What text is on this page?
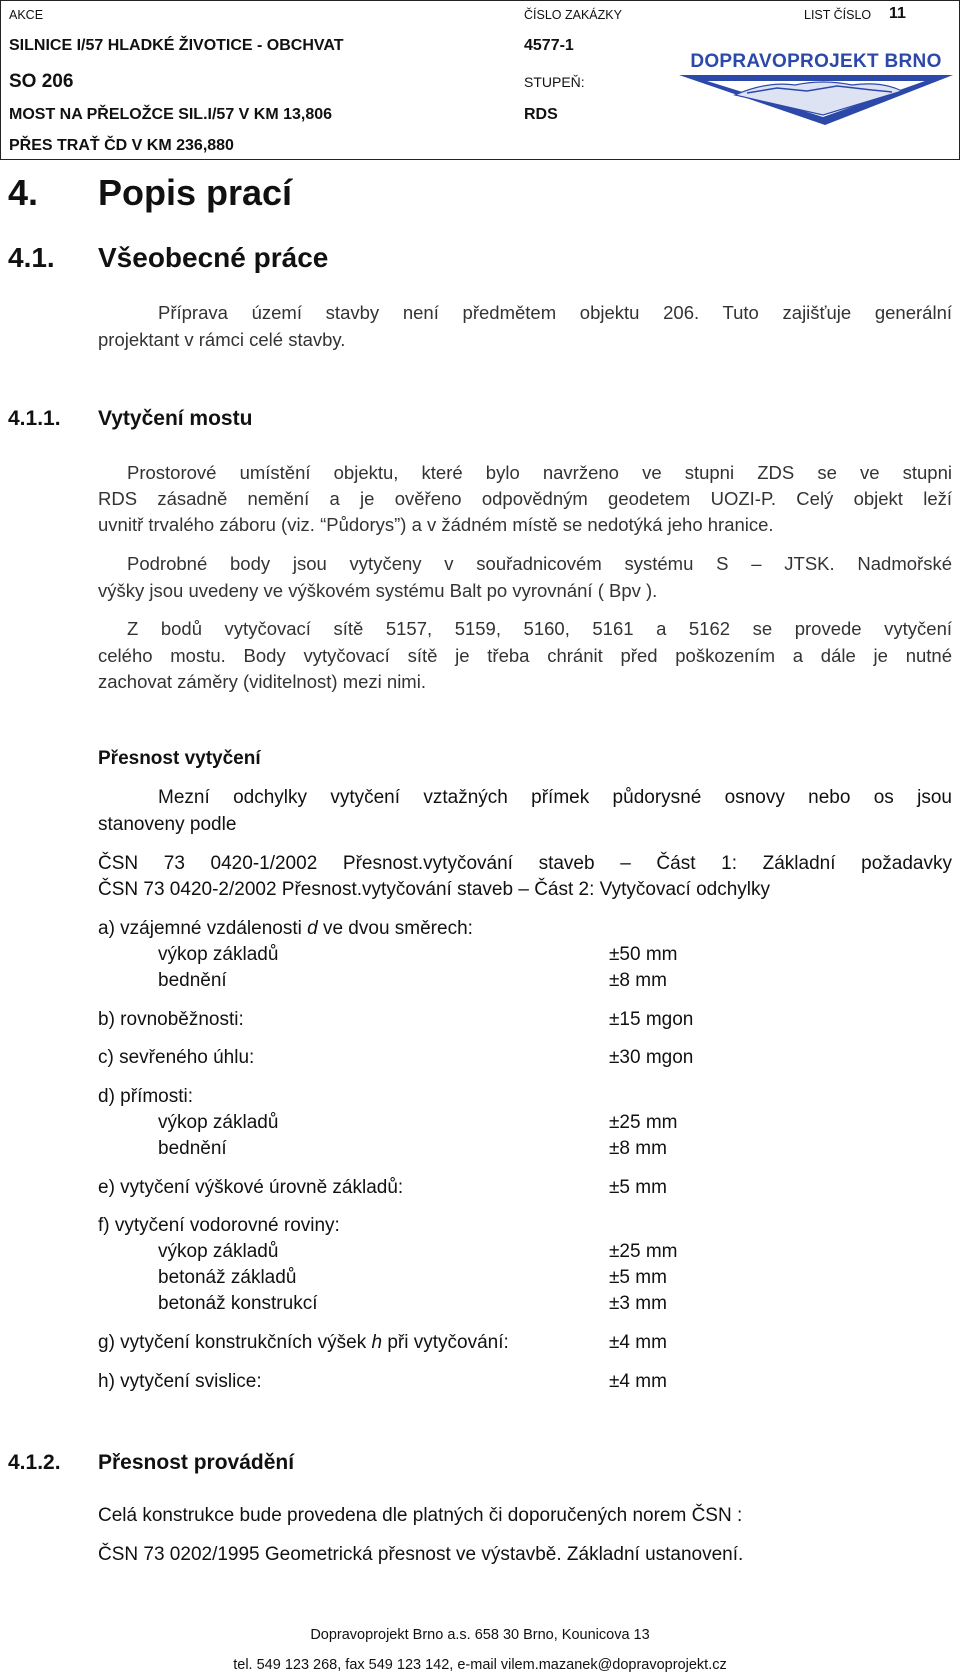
AKCE	ČÍSLO ZAKÁZKY	LIST ČÍSLO 11
SILNICE I/57 HLADKÉ ŽIVOTICE - OBCHVAT	4577-1
SO 206	STUPEŇ:
MOST NA PŘELOŽCE SIL.I/57 V KM 13,806	RDS
PŘES TRAŤ ČD V KM 236,880
DOPRAVOPROJEKT BRNO
4. Popis prací
4.1. Všeobecné práce
Příprava území stavby není předmětem objektu 206. Tuto zajišťuje generální
projektant v rámci celé stavby.
4.1.1. Vytyčení mostu
Prostorové umístění objektu, které bylo navrženo ve stupni ZDS se ve stupni
RDS zásadně nemění a je ověřeno odpovědným geodetem UOZI-P. Celý objekt leží
uvnitř trvalého záboru (viz. “Půdorys”) a v žádném místě se nedotýká jeho hranice.
Podrobné body jsou vytyčeny v souřadnicovém systému S – JTSK. Nadmořské
výšky jsou uvedeny ve výškovém systému Balt po vyrovnání ( Bpv ).
Z bodů vytyčovací sítě 5157, 5159, 5160, 5161 a 5162 se provede vytyčení
celého mostu. Body vytyčovací sítě je třeba chránit před poškozením a dále je nutné
zachovat záměry (viditelnost) mezi nimi.
Přesnost vytyčení
Mezní odchylky vytyčení vztažných přímek půdorysné osnovy nebo os jsou
stanoveny podle
ČSN 73 0420-1/2002 Přesnost.vytyčování staveb – Část 1: Základní požadavky
ČSN 73 0420-2/2002 Přesnost.vytyčování staveb – Část 2: Vytyčovací odchylky
a) vzájemné vzdálenosti d ve dvou směrech:
výkop základů	±50 mm
bednění	±8 mm
b) rovnoběžnosti:	±15 mgon
c) sevřeného úhlu:	±30 mgon
d) přímosti:
výkop základů	±25 mm
bednění	±8 mm
e) vytyčení výškové úrovně základů:	±5 mm
f) vytyčení vodorovné roviny:
výkop základů	±25 mm
betonáž základů	±5 mm
betonáž konstrukcí	±3 mm
g) vytyčení konstrukčních výšek h při vytyčování:	±4 mm
h) vytyčení svislice:	±4 mm
4.1.2. Přesnost provádění
Celá konstrukce bude provedena dle platných či doporučených norem ČSN :
ČSN 73 0202/1995 Geometrická přesnost ve výstavbě. Základní ustanovení.
Dopravoprojekt Brno a.s. 658 30 Brno, Kounicova 13
tel. 549 123 268, fax 549 123 142, e-mail vilem.mazanek@dopravoprojekt.cz
